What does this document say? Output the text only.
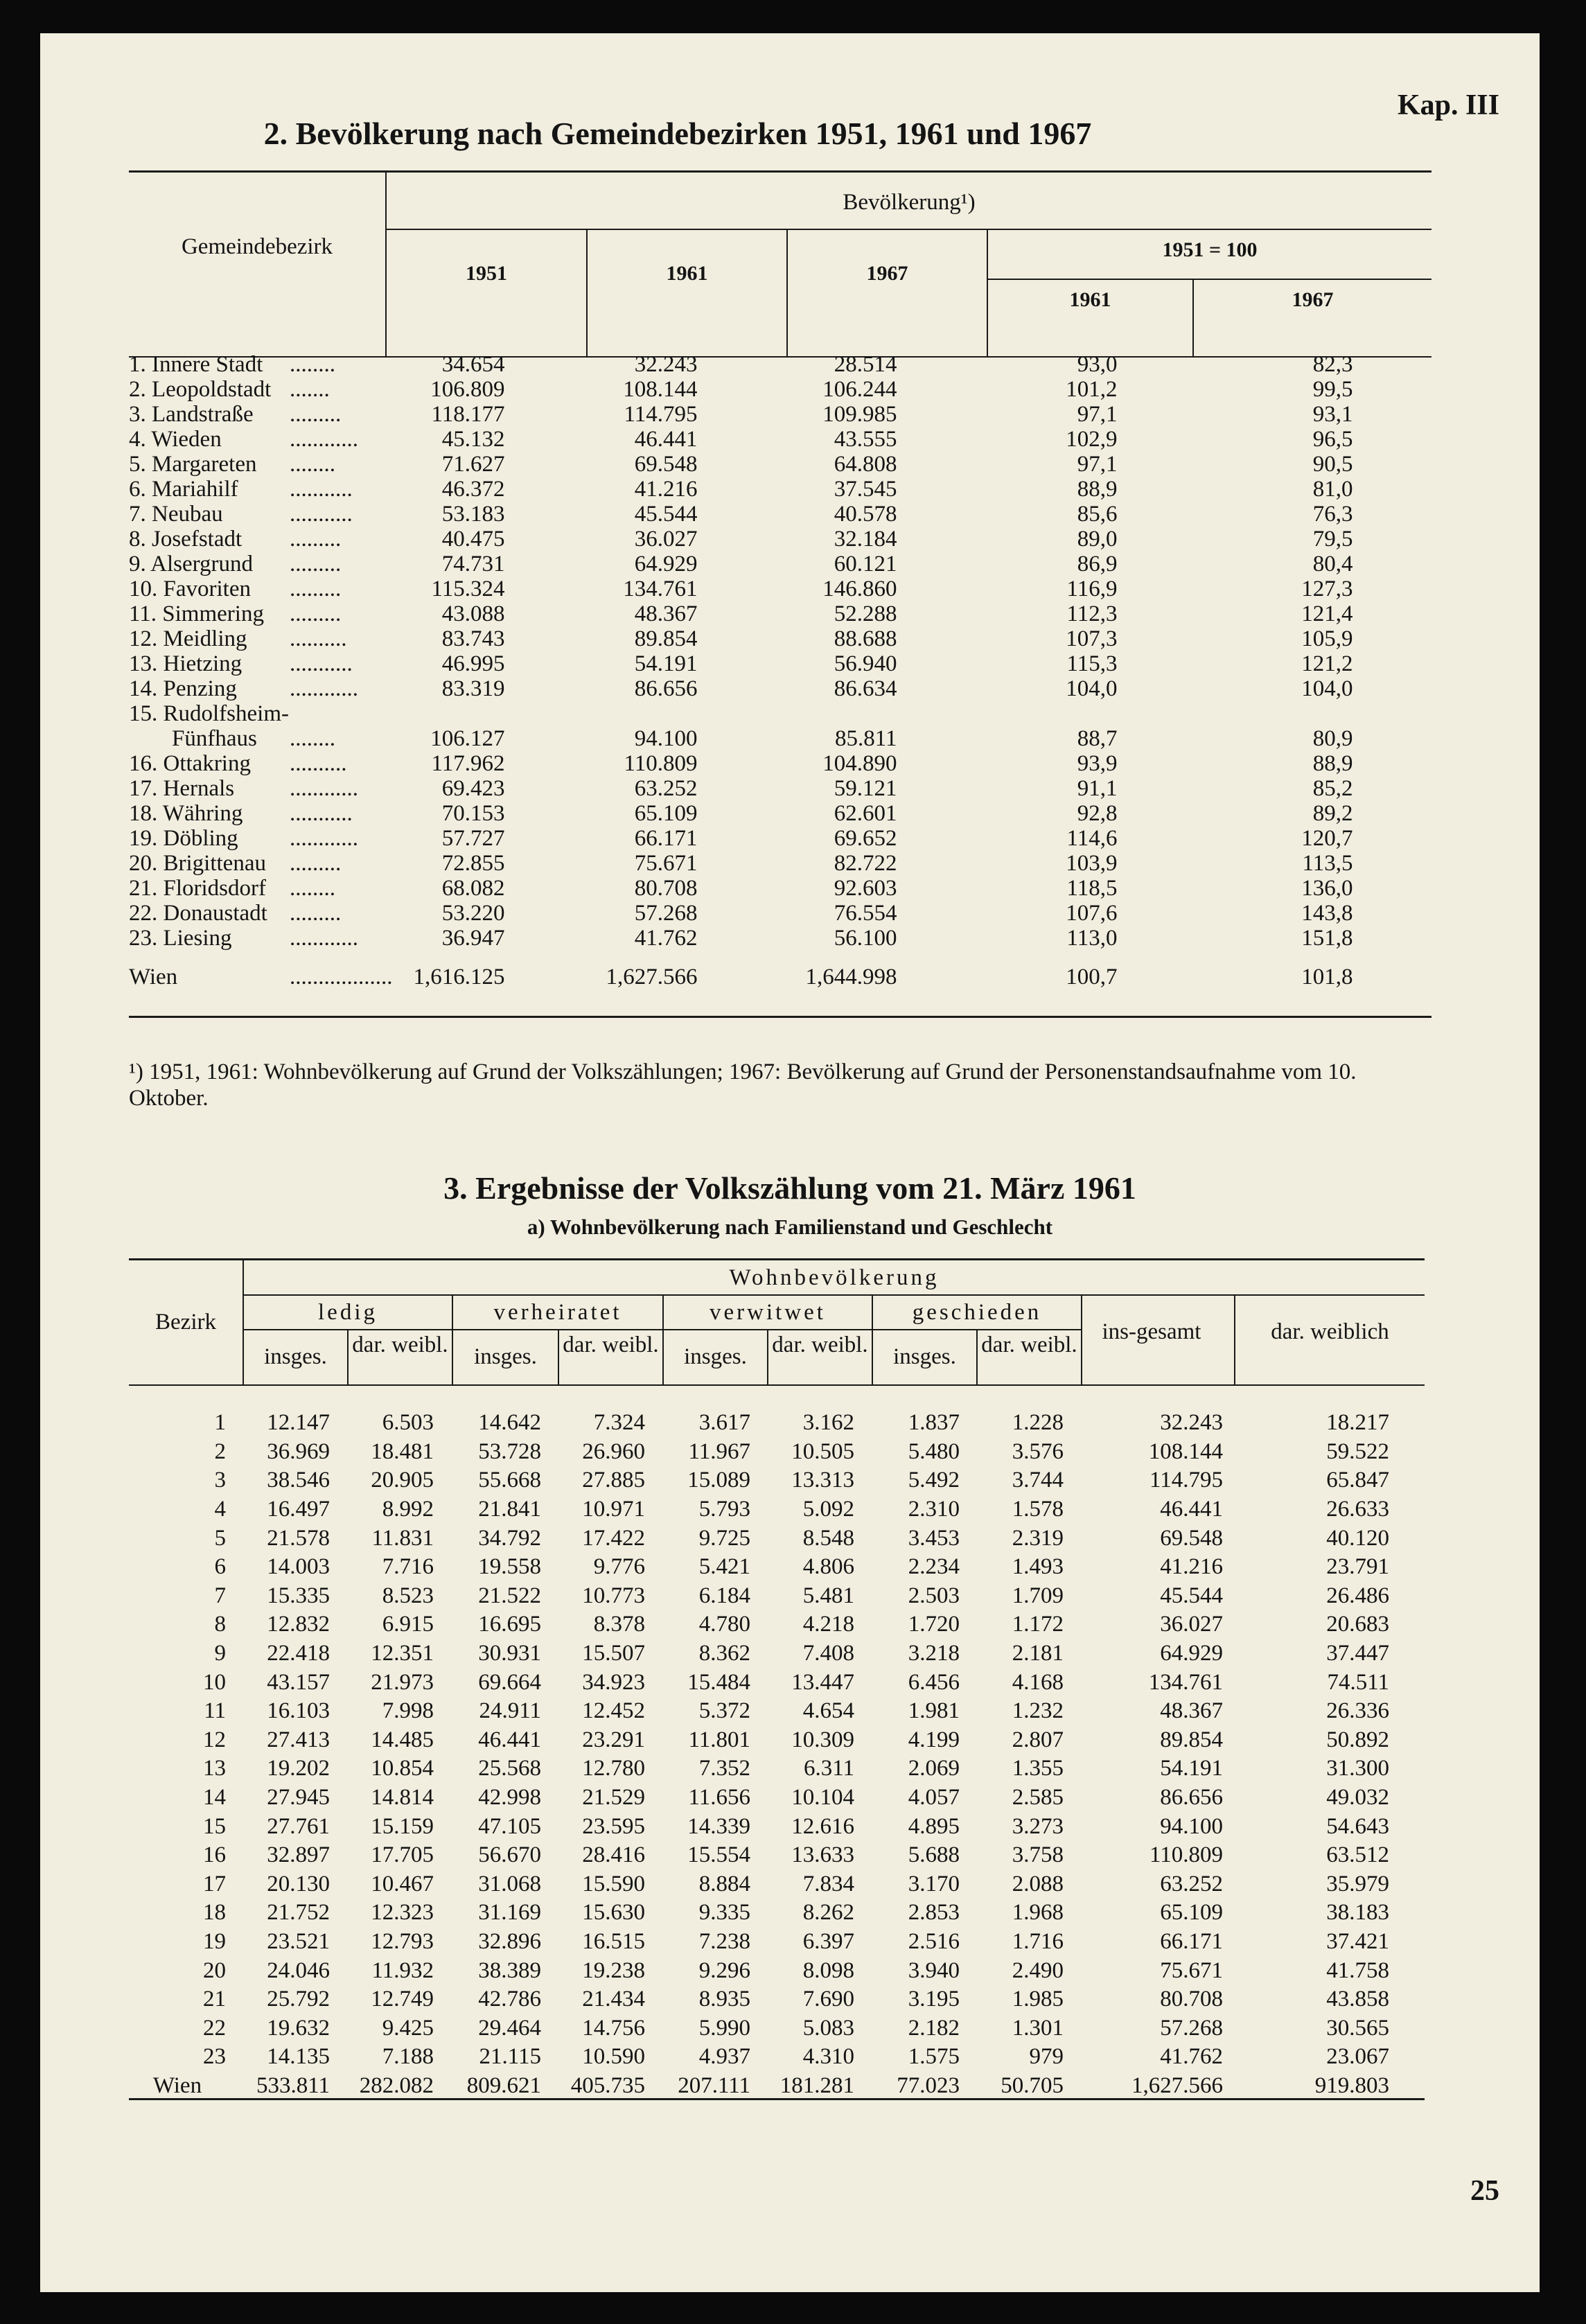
Kap. III
2. Bevölkerung nach Gemeindebezirken 1951, 1961 und 1967
Gemeindebezirk
Bevölkerung¹)
1951	1961	1967
1951 = 100
1961	1967
1. Innere Stadt	........	34.654	32.243	28.514	93,0	82,3
2. Leopoldstadt	.......	106.809	108.144	106.244	101,2	99,5
3. Landstraße	.........	118.177	114.795	109.985	97,1	93,1
4. Wieden	............	45.132	46.441	43.555	102,9	96,5
5. Margareten	........	71.627	69.548	64.808	97,1	90,5
6. Mariahilf	...........	46.372	41.216	37.545	88,9	81,0
7. Neubau	...........	53.183	45.544	40.578	85,6	76,3
8. Josefstadt	.........	40.475	36.027	32.184	89,0	79,5
9. Alsergrund	.........	74.731	64.929	60.121	86,9	80,4
10. Favoriten	.........	115.324	134.761	146.860	116,9	127,3
11. Simmering	.........	43.088	48.367	52.288	112,3	121,4
12. Meidling	..........	83.743	89.854	88.688	107,3	105,9
13. Hietzing	...........	46.995	54.191	56.940	115,3	121,2
14. Penzing	............	83.319	86.656	86.634	104,0	104,0
15. Rudolfsheim-						
Fünfhaus	........	106.127	94.100	85.811	88,7	80,9
16. Ottakring	..........	117.962	110.809	104.890	93,9	88,9
17. Hernals	............	69.423	63.252	59.121	91,1	85,2
18. Währing	...........	70.153	65.109	62.601	92,8	89,2
19. Döbling	............	57.727	66.171	69.652	114,6	120,7
20. Brigittenau	.........	72.855	75.671	82.722	103,9	113,5
21. Floridsdorf	........	68.082	80.708	92.603	118,5	136,0
22. Donaustadt	.........	53.220	57.268	76.554	107,6	143,8
23. Liesing	............	36.947	41.762	56.100	113,0	151,8
Wien	..................	1,616.125	1,627.566	1,644.998	100,7	101,8
¹) 1951, 1961: Wohnbevölkerung auf Grund der Volkszählungen; 1967: Bevölkerung auf Grund der Personenstandsaufnahme vom 10. Oktober.
3. Ergebnisse der Volkszählung vom 21. März 1961
a) Wohnbevölkerung nach Familienstand und Geschlecht
Bezirk
Wohnbevölkerung
ledig	verheiratet	verwitwet	geschieden
insges.	dar. weibl.	insges.	dar. weibl.	insges.	dar. weibl.	insges.	dar. weibl.
ins-gesamt	dar. weiblich
1	12.147	6.503	14.642	7.324	3.617	3.162	1.837	1.228	32.243	18.217
2	36.969	18.481	53.728	26.960	11.967	10.505	5.480	3.576	108.144	59.522
3	38.546	20.905	55.668	27.885	15.089	13.313	5.492	3.744	114.795	65.847
4	16.497	8.992	21.841	10.971	5.793	5.092	2.310	1.578	46.441	26.633
5	21.578	11.831	34.792	17.422	9.725	8.548	3.453	2.319	69.548	40.120
6	14.003	7.716	19.558	9.776	5.421	4.806	2.234	1.493	41.216	23.791
7	15.335	8.523	21.522	10.773	6.184	5.481	2.503	1.709	45.544	26.486
8	12.832	6.915	16.695	8.378	4.780	4.218	1.720	1.172	36.027	20.683
9	22.418	12.351	30.931	15.507	8.362	7.408	3.218	2.181	64.929	37.447
10	43.157	21.973	69.664	34.923	15.484	13.447	6.456	4.168	134.761	74.511
11	16.103	7.998	24.911	12.452	5.372	4.654	1.981	1.232	48.367	26.336
12	27.413	14.485	46.441	23.291	11.801	10.309	4.199	2.807	89.854	50.892
13	19.202	10.854	25.568	12.780	7.352	6.311	2.069	1.355	54.191	31.300
14	27.945	14.814	42.998	21.529	11.656	10.104	4.057	2.585	86.656	49.032
15	27.761	15.159	47.105	23.595	14.339	12.616	4.895	3.273	94.100	54.643
16	32.897	17.705	56.670	28.416	15.554	13.633	5.688	3.758	110.809	63.512
17	20.130	10.467	31.068	15.590	8.884	7.834	3.170	2.088	63.252	35.979
18	21.752	12.323	31.169	15.630	9.335	8.262	2.853	1.968	65.109	38.183
19	23.521	12.793	32.896	16.515	7.238	6.397	2.516	1.716	66.171	37.421
20	24.046	11.932	38.389	19.238	9.296	8.098	3.940	2.490	75.671	41.758
21	25.792	12.749	42.786	21.434	8.935	7.690	3.195	1.985	80.708	43.858
22	19.632	9.425	29.464	14.756	5.990	5.083	2.182	1.301	57.268	30.565
23	14.135	7.188	21.115	10.590	4.937	4.310	1.575	979	41.762	23.067
Wien	533.811	282.082	809.621	405.735	207.111	181.281	77.023	50.705	1,627.566	919.803
25
